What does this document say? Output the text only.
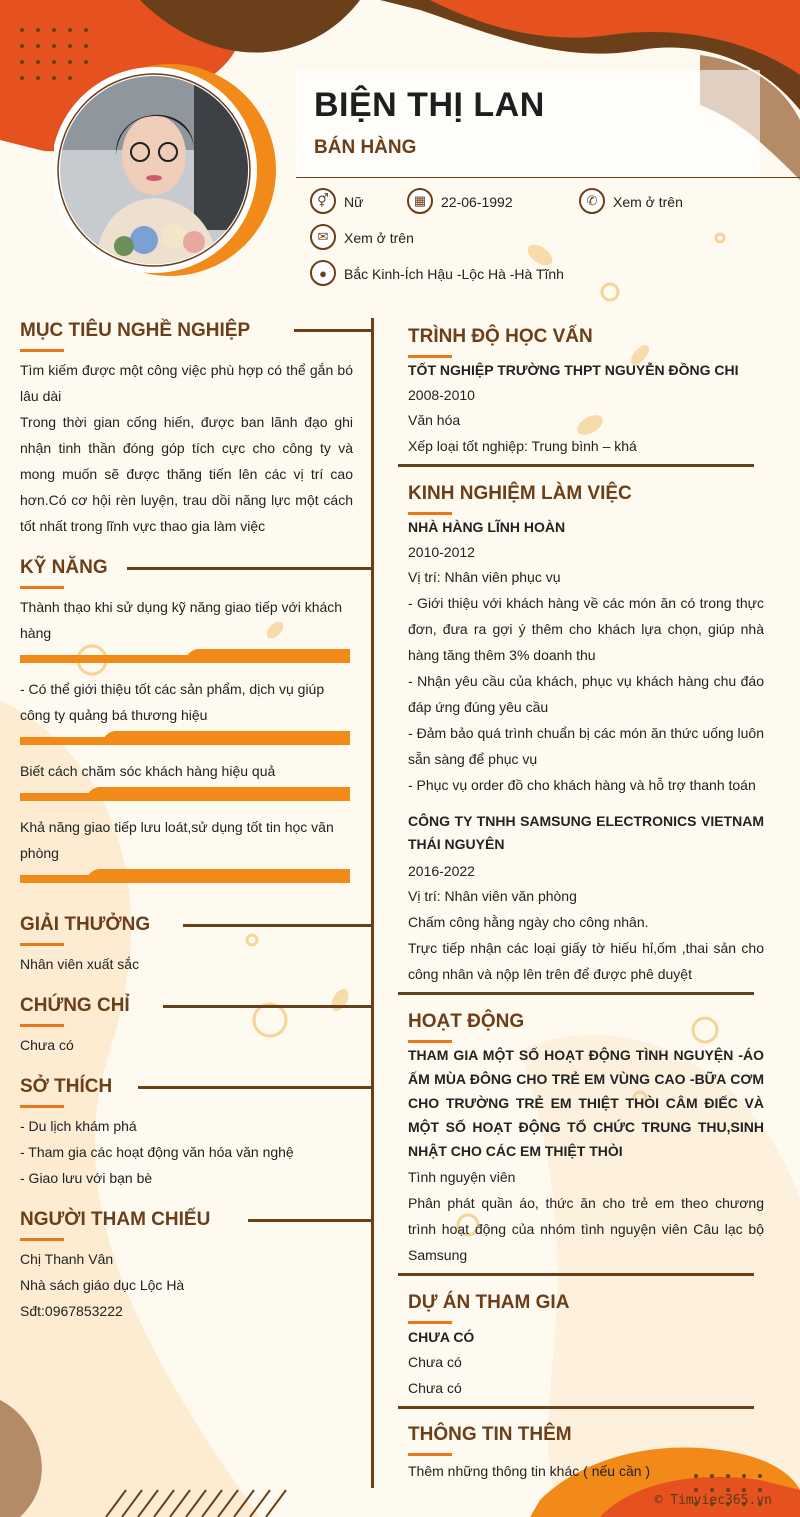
BIỆN THỊ LAN
BÁN HÀNG
⚥	Nữ	▦	22-06-1992	✆	Xem ở trên
✉	Xem ở trên
●	Bắc Kinh-Ích Hậu -Lộc Hà -Hà Tĩnh
MỤC TIÊU NGHỀ NGHIỆP
Tìm kiếm được một công việc phù hợp có thể gắn bó lâu dài
Trong thời gian cống hiến, được ban lãnh đạo ghi nhận tinh thần đóng góp tích cực cho công ty và mong muốn sẽ được thăng tiến lên các vị trí cao hơn.Có cơ hội rèn luyện, trau dồi năng lực một cách tốt nhất trong lĩnh vực thao gia làm việc
KỸ NĂNG
Thành thạo khi sử dụng kỹ năng giao tiếp với khách hàng
- Có thể giới thiệu tốt các sản phẩm, dịch vụ giúp công ty quảng bá thương hiệu
Biết cách chăm sóc khách hàng hiệu quả
Khả năng giao tiếp lưu loát,sử dụng tốt tin học văn phòng
GIẢI THƯỞNG
Nhân viên xuất sắc
CHỨNG CHỈ
Chưa có
SỞ THÍCH
- Du lịch khám phá
- Tham gia các hoạt động văn hóa văn nghệ
- Giao lưu với bạn bè
NGƯỜI THAM CHIẾU
Chị Thanh Vân
Nhà sách giáo dục Lộc Hà
Sđt:0967853222
TRÌNH ĐỘ HỌC VẤN
TỐT NGHIỆP TRƯỜNG THPT NGUYỄN ĐỒNG CHI
2008-2010
Văn hóa
Xếp loại tốt nghiệp: Trung bình – khá
KINH NGHIỆM LÀM VIỆC
NHÀ HÀNG LĨNH HOÀN
2010-2012
Vị trí: Nhân viên phục vụ
- Giới thiệu với khách hàng về các món ăn có trong thực đơn, đưa ra gợi ý thêm cho khách lựa chọn, giúp nhà hàng tăng thêm 3% doanh thu
- Nhận yêu cầu của khách, phục vụ khách hàng chu đáo đáp ứng đúng yêu cầu
- Đảm bảo quá trình chuẩn bị các món ăn thức uống luôn sẵn sàng để phục vụ
- Phục vụ order đồ cho khách hàng và hỗ trợ thanh toán
CÔNG TY TNHH SAMSUNG ELECTRONICS VIETNAM THÁI NGUYÊN
2016-2022
Vị trí: Nhân viên văn phòng
Chấm công hằng ngày cho công nhân.
Trực tiếp nhận các loại giấy tờ hiếu hỉ,ốm ,thai sản cho công nhân và nộp lên trên để được phê duyệt
HOẠT ĐỘNG
THAM GIA MỘT SỐ HOẠT ĐỘNG TÌNH NGUYỆN -ÁO ẤM MÙA ĐÔNG CHO TRẺ EM VÙNG CAO -BỮA CƠM CHO TRƯỜNG TRẺ EM THIỆT THÒI CÂM ĐIẾC VÀ MỘT SỐ HOẠT ĐỘNG TỔ CHỨC TRUNG THU,SINH NHẬT CHO CÁC EM THIỆT THÒI
Tình nguyện viên
Phân phát quần áo, thức ăn cho trẻ em theo chương trình hoạt động của nhóm tình nguyện viên Câu lạc bộ Samsung
DỰ ÁN THAM GIA
CHƯA CÓ
Chưa có
Chưa có
THÔNG TIN THÊM
Thêm những thông tin khác ( nếu cần )
© Timviec365.vn
